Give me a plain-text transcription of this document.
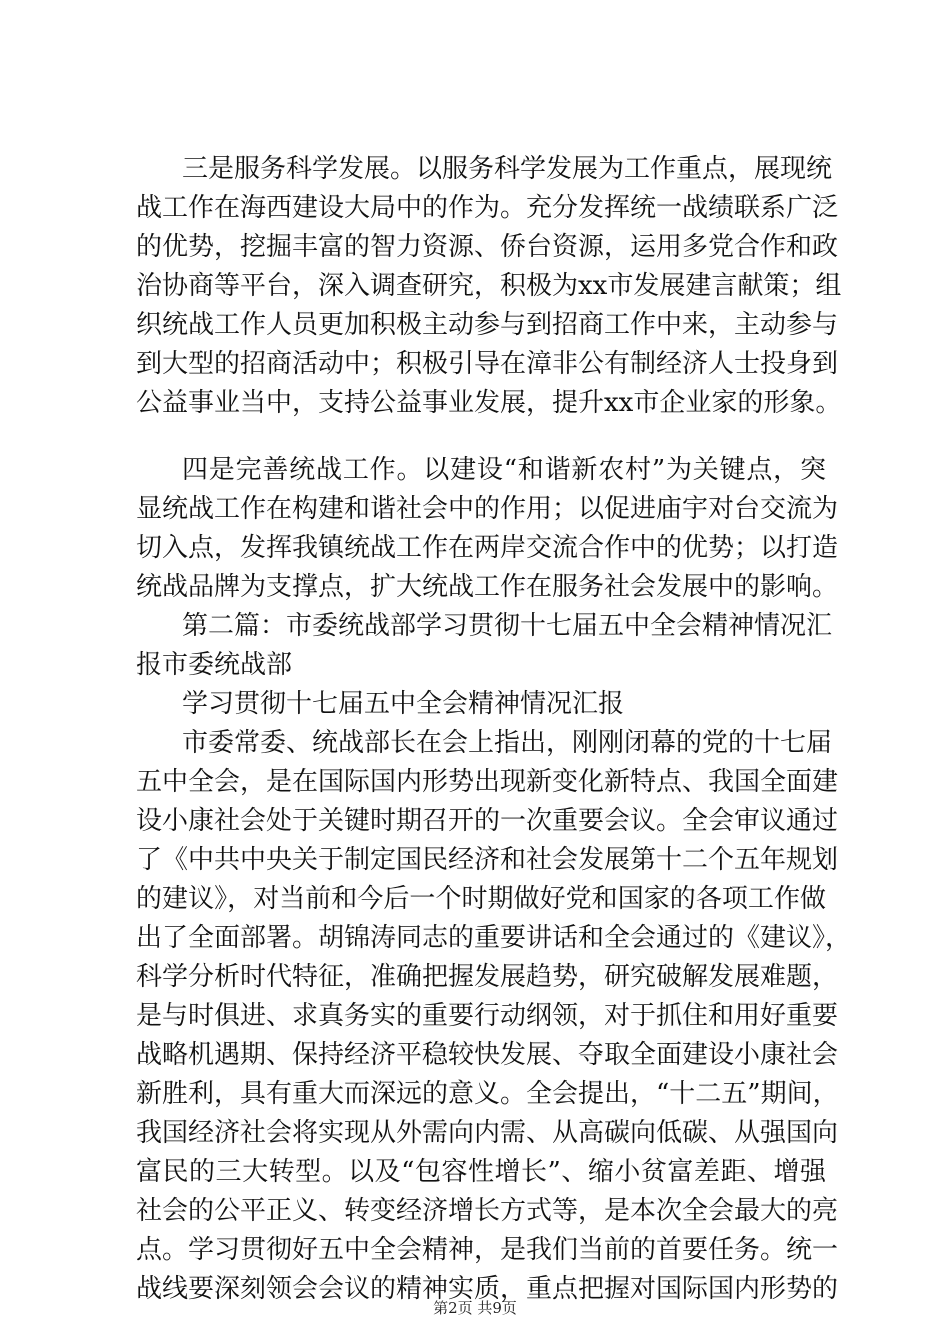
三是服务科学发展。以服务科学发展为工作重点，展现统
战工作在海西建设大局中的作为。充分发挥统一战绩联系广泛
的优势，挖掘丰富的智力资源、侨台资源，运用多党合作和政
治协商等平台，深入调查研究，积极为xx市发展建言献策；组
织统战工作人员更加积极主动参与到招商工作中来，主动参与
到大型的招商活动中；积极引导在漳非公有制经济人士投身到
公益事业当中，支持公益事业发展，提升xx市企业家的形象。
四是完善统战工作。以建设“和谐新农村”为关键点，突
显统战工作在构建和谐社会中的作用；以促进庙宇对台交流为
切入点，发挥我镇统战工作在两岸交流合作中的优势；以打造
统战品牌为支撑点，扩大统战工作在服务社会发展中的影响。
第二篇：市委统战部学习贯彻十七届五中全会精神情况汇
报市委统战部
学习贯彻十七届五中全会精神情况汇报
市委常委、统战部长在会上指出，刚刚闭幕的党的十七届
五中全会，是在国际国内形势出现新变化新特点、我国全面建
设小康社会处于关键时期召开的一次重要会议。全会审议通过
了《中共中央关于制定国民经济和社会发展第十二个五年规划
的建议》，对当前和今后一个时期做好党和国家的各项工作做
出了全面部署。胡锦涛同志的重要讲话和全会通过的《建议》，
科学分析时代特征，准确把握发展趋势，研究破解发展难题，
是与时俱进、求真务实的重要行动纲领，对于抓住和用好重要
战略机遇期、保持经济平稳较快发展、夺取全面建设小康社会
新胜利，具有重大而深远的意义。全会提出，“十二五”期间，
我国经济社会将实现从外需向内需、从高碳向低碳、从强国向
富民的三大转型。以及“包容性增长”、缩小贫富差距、增强
社会的公平正义、转变经济增长方式等，是本次全会最大的亮
点。学习贯彻好五中全会精神，是我们当前的首要任务。统一
战线要深刻领会会议的精神实质，重点把握对国际国内形势的
第2页 共9页
